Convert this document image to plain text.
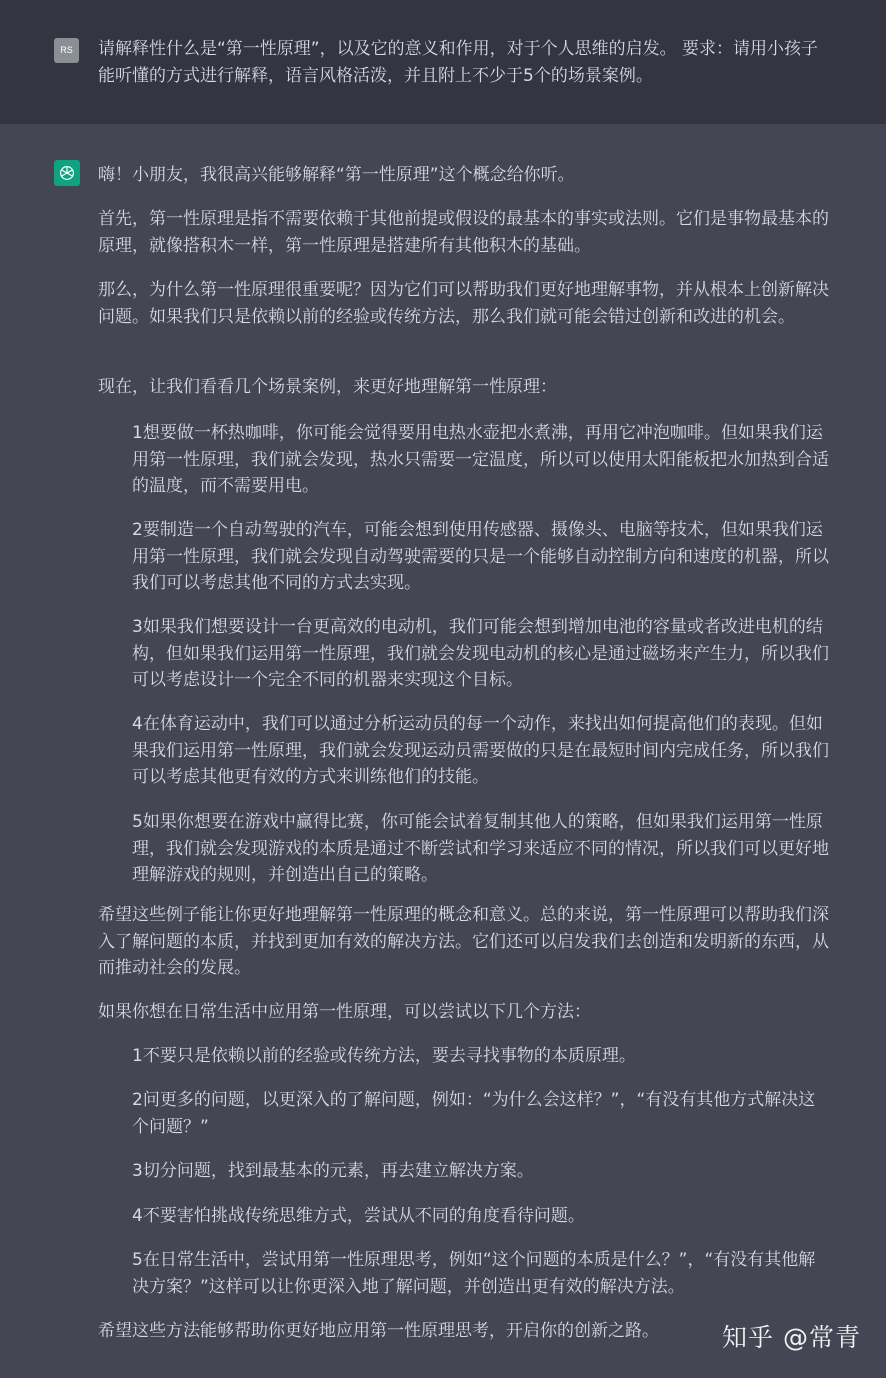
RS	请解释性什么是“第一性原理”，以及它的意义和作用，对于个人思维的启发。 要求：请用小孩子能听懂的方式进行解释，语言风格活泼，并且附上不少于5个的场景案例。

嗨！小朋友，我很高兴能够解释“第一性原理”这个概念给你听。

首先，第一性原理是指不需要依赖于其他前提或假设的最基本的事实或法则。它们是事物最基本的原理，就像搭积木一样，第一性原理是搭建所有其他积木的基础。

那么，为什么第一性原理很重要呢？因为它们可以帮助我们更好地理解事物，并从根本上创新解决问题。如果我们只是依赖以前的经验或传统方法，那么我们就可能会错过创新和改进的机会。

现在，让我们看看几个场景案例，来更好地理解第一性原理：

1想要做一杯热咖啡，你可能会觉得要用电热水壶把水煮沸，再用它冲泡咖啡。但如果我们运用第一性原理，我们就会发现，热水只需要一定温度，所以可以使用太阳能板把水加热到合适的温度，而不需要用电。

2要制造一个自动驾驶的汽车，可能会想到使用传感器、摄像头、电脑等技术，但如果我们运用第一性原理，我们就会发现自动驾驶需要的只是一个能够自动控制方向和速度的机器，所以我们可以考虑其他不同的方式去实现。

3如果我们想要设计一台更高效的电动机，我们可能会想到增加电池的容量或者改进电机的结构，但如果我们运用第一性原理，我们就会发现电动机的核心是通过磁场来产生力，所以我们可以考虑设计一个完全不同的机器来实现这个目标。

4在体育运动中，我们可以通过分析运动员的每一个动作，来找出如何提高他们的表现。但如果我们运用第一性原理，我们就会发现运动员需要做的只是在最短时间内完成任务，所以我们可以考虑其他更有效的方式来训练他们的技能。

5如果你想要在游戏中赢得比赛，你可能会试着复制其他人的策略，但如果我们运用第一性原理，我们就会发现游戏的本质是通过不断尝试和学习来适应不同的情况，所以我们可以更好地理解游戏的规则，并创造出自己的策略。

希望这些例子能让你更好地理解第一性原理的概念和意义。总的来说，第一性原理可以帮助我们深入了解问题的本质，并找到更加有效的解决方法。它们还可以启发我们去创造和发明新的东西，从而推动社会的发展。

如果你想在日常生活中应用第一性原理，可以尝试以下几个方法：

1不要只是依赖以前的经验或传统方法，要去寻找事物的本质原理。

2问更多的问题，以更深入的了解问题，例如：“为什么会这样？”，“有没有其他方式解决这个问题？”

3切分问题，找到最基本的元素，再去建立解决方案。

4不要害怕挑战传统思维方式，尝试从不同的角度看待问题。

5在日常生活中，尝试用第一性原理思考，例如“这个问题的本质是什么？”，“有没有其他解决方案？”这样可以让你更深入地了解问题，并创造出更有效的解决方法。

希望这些方法能够帮助你更好地应用第一性原理思考，开启你的创新之路。	知乎 @常青
